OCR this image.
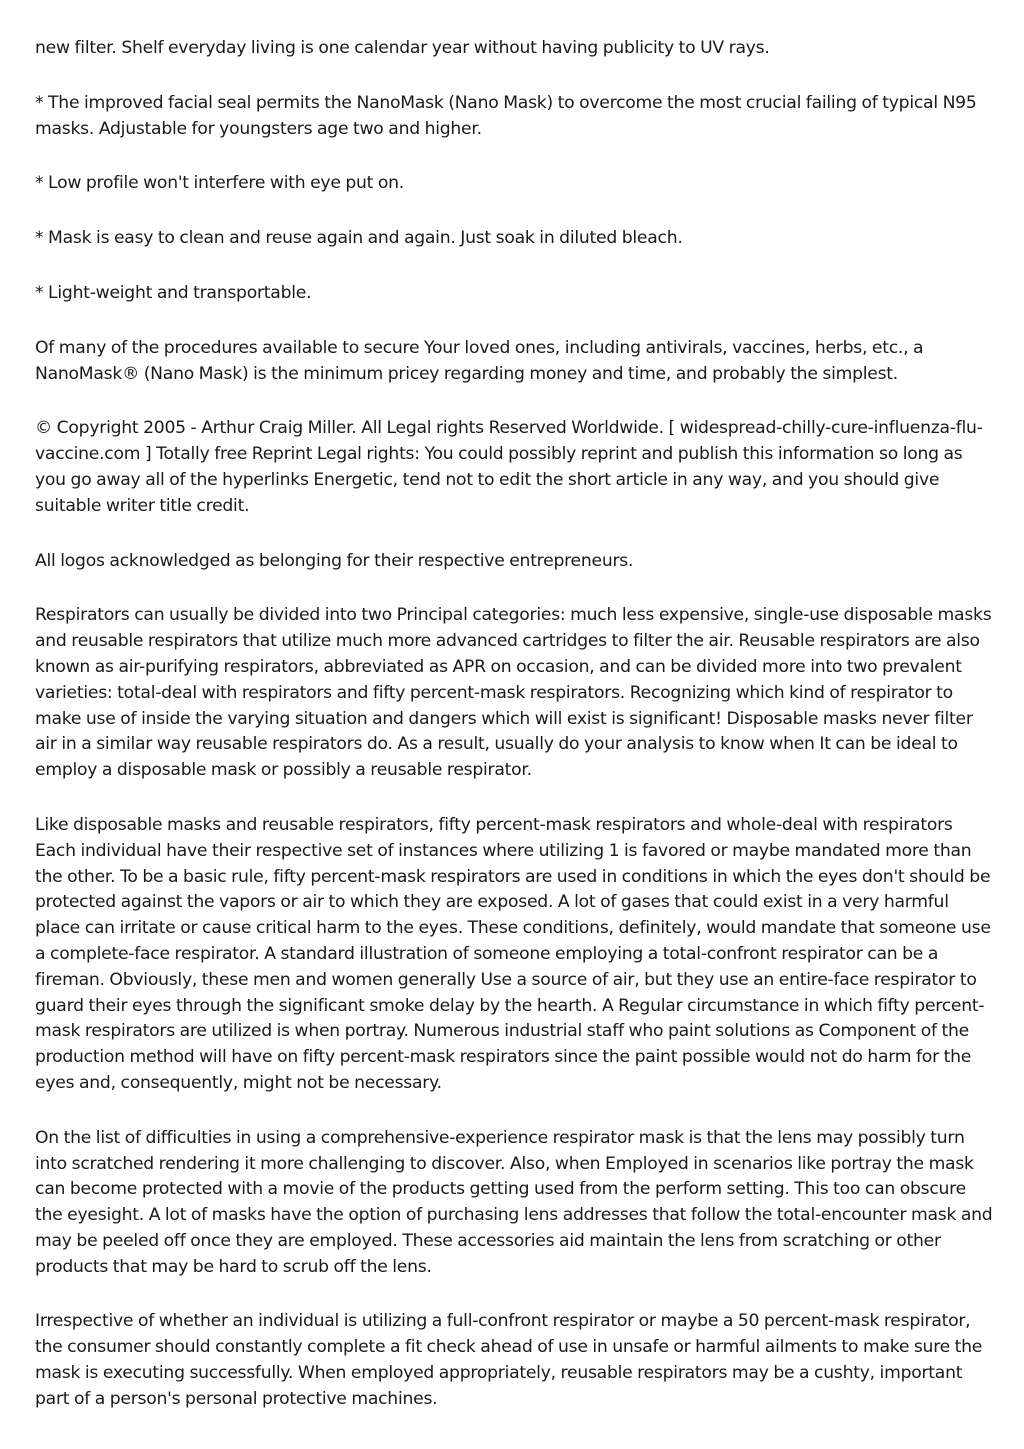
new filter. Shelf everyday living is one calendar year without having publicity to UV rays.

* The improved facial seal permits the NanoMask (Nano Mask) to overcome the most crucial failing of typical N95 masks. Adjustable for youngsters age two and higher.

* Low profile won't interfere with eye put on.

* Mask is easy to clean and reuse again and again. Just soak in diluted bleach.

* Light-weight and transportable.

Of many of the procedures available to secure Your loved ones, including antivirals, vaccines, herbs, etc., a NanoMask® (Nano Mask) is the minimum pricey regarding money and time, and probably the simplest.

© Copyright 2005 - Arthur Craig Miller. All Legal rights Reserved Worldwide. [ widespread-chilly-cure-influenza-flu-vaccine.com ] Totally free Reprint Legal rights: You could possibly reprint and publish this information so long as you go away all of the hyperlinks Energetic, tend not to edit the short article in any way, and you should give suitable writer title credit.

All logos acknowledged as belonging for their respective entrepreneurs.

Respirators can usually be divided into two Principal categories: much less expensive, single-use disposable masks and reusable respirators that utilize much more advanced cartridges to filter the air. Reusable respirators are also known as air-purifying respirators, abbreviated as APR on occasion, and can be divided more into two prevalent varieties: total-deal with respirators and fifty percent-mask respirators. Recognizing which kind of respirator to make use of inside the varying situation and dangers which will exist is significant! Disposable masks never filter air in a similar way reusable respirators do. As a result, usually do your analysis to know when It can be ideal to employ a disposable mask or possibly a reusable respirator.

Like disposable masks and reusable respirators, fifty percent-mask respirators and whole-deal with respirators Each individual have their respective set of instances where utilizing 1 is favored or maybe mandated more than the other. To be a basic rule, fifty percent-mask respirators are used in conditions in which the eyes don't should be protected against the vapors or air to which they are exposed. A lot of gases that could exist in a very harmful place can irritate or cause critical harm to the eyes. These conditions, definitely, would mandate that someone use a complete-face respirator. A standard illustration of someone employing a total-confront respirator can be a fireman. Obviously, these men and women generally Use a source of air, but they use an entire-face respirator to guard their eyes through the significant smoke delay by the hearth. A Regular circumstance in which fifty percent-mask respirators are utilized is when portray. Numerous industrial staff who paint solutions as Component of the production method will have on fifty percent-mask respirators since the paint possible would not do harm for the eyes and, consequently, might not be necessary.

On the list of difficulties in using a comprehensive-experience respirator mask is that the lens may possibly turn into scratched rendering it more challenging to discover. Also, when Employed in scenarios like portray the mask can become protected with a movie of the products getting used from the perform setting. This too can obscure the eyesight. A lot of masks have the option of purchasing lens addresses that follow the total-encounter mask and may be peeled off once they are employed. These accessories aid maintain the lens from scratching or other products that may be hard to scrub off the lens.

Irrespective of whether an individual is utilizing a full-confront respirator or maybe a 50 percent-mask respirator, the consumer should constantly complete a fit check ahead of use in unsafe or harmful ailments to make sure the mask is executing successfully. When employed appropriately, reusable respirators may be a cushty, important part of a person's personal protective machines.
